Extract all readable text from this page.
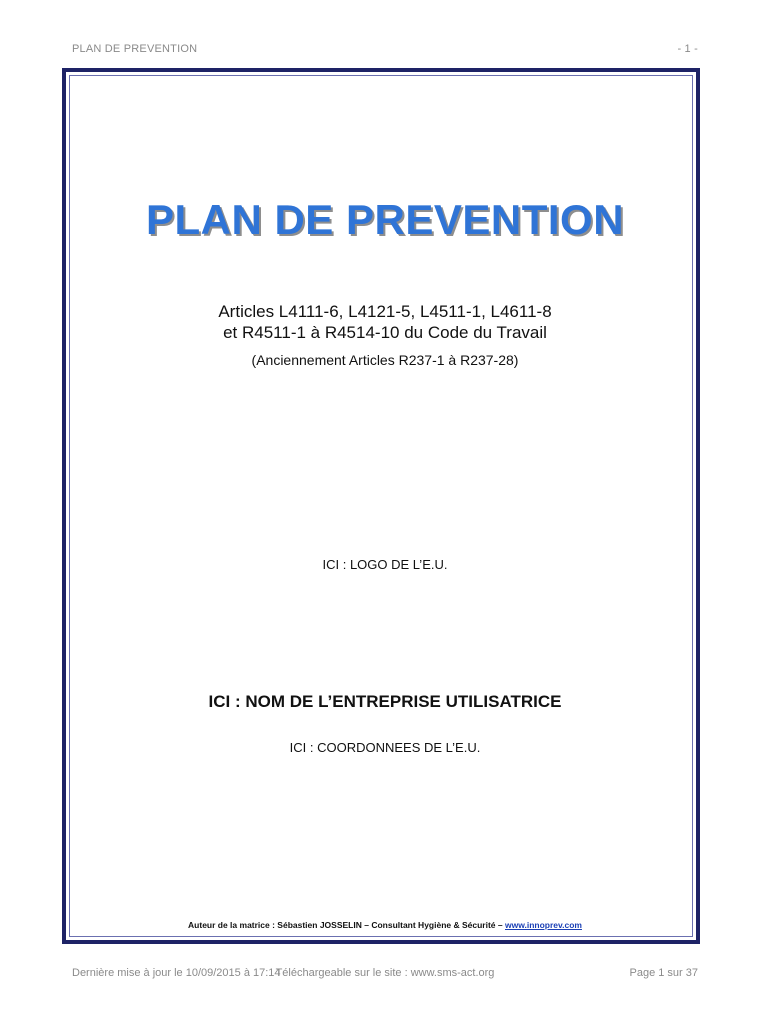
PLAN DE PREVENTION	- 1 -
PLAN DE PREVENTION
Articles L4111-6, L4121-5, L4511-1, L4611-8
et R4511-1 à R4514-10 du Code du Travail
(Anciennement Articles R237-1 à R237-28)
ICI : LOGO DE L’E.U.
ICI : NOM DE L’ENTREPRISE UTILISATRICE
ICI : COORDONNEES DE L’E.U.
Auteur de la matrice : Sébastien JOSSELIN – Consultant Hygiène & Sécurité – www.innoprev.com
Dernière mise à jour le 10/09/2015 à 17:14
Téléchargeable sur le site : www.sms-act.org	Page 1 sur 37
